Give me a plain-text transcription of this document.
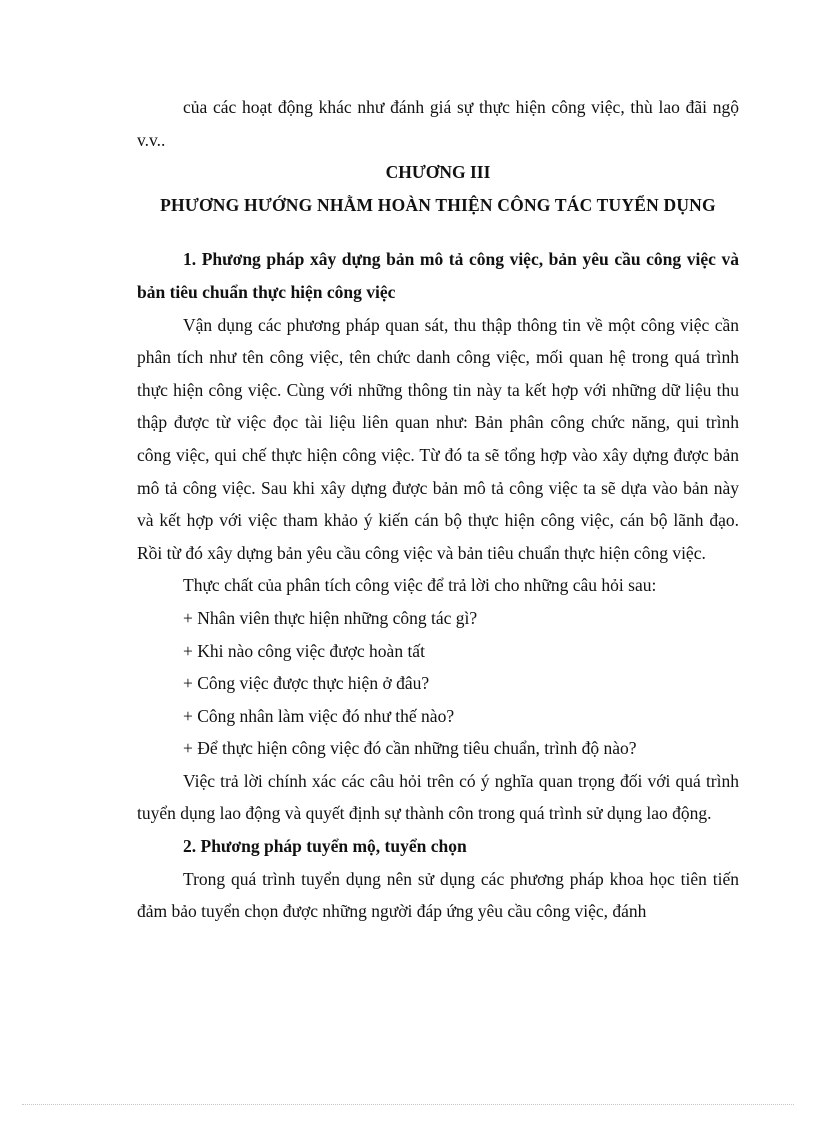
của các hoạt động khác như đánh giá sự thực hiện công việc, thù lao đãi ngộ v.v..

CHƯƠNG III

PHƯƠNG HƯỚNG NHẰM HOÀN THIỆN CÔNG TÁC TUYỂN DỤNG

1. Phương pháp xây dựng bản mô tả công việc, bản yêu cầu công việc và bản tiêu chuẩn thực hiện công việc

Vận dụng các phương pháp quan sát, thu thập thông tin về một công việc cần phân tích như tên công việc, tên chức danh công việc, mối quan hệ trong quá trình thực hiện công việc. Cùng với những thông tin này ta kết hợp với những dữ liệu thu thập được từ việc đọc tài liệu liên quan như: Bản phân công chức năng, qui trình công việc, qui chế thực hiện công việc. Từ đó ta sẽ tổng hợp vào xây dựng được bản mô tả công việc. Sau khi xây dựng được bản mô tả công việc ta sẽ dựa vào bản này và kết hợp với việc tham khảo ý kiến cán bộ thực hiện công việc, cán bộ lãnh đạo. Rồi từ đó xây dựng bản yêu cầu công việc và bản tiêu chuẩn thực hiện công việc.

Thực chất của phân tích công việc để trả lời cho những câu hỏi sau:

+ Nhân viên thực hiện những công tác gì?

+ Khi nào công việc được hoàn tất

+ Công việc được thực hiện ở đâu?

+ Công nhân làm việc đó như thế nào?

+ Để thực hiện công việc đó cần những tiêu chuẩn, trình độ nào?

Việc trả lời chính xác các câu hỏi trên có ý nghĩa quan trọng đối với quá trình tuyển dụng lao động và quyết định sự thành côn trong quá trình sử dụng lao động.

2. Phương pháp tuyển mộ, tuyển chọn

Trong quá trình tuyển dụng nên sử dụng các phương pháp khoa học tiên tiến đảm bảo tuyển chọn được những người đáp ứng yêu cầu công việc, đánh
